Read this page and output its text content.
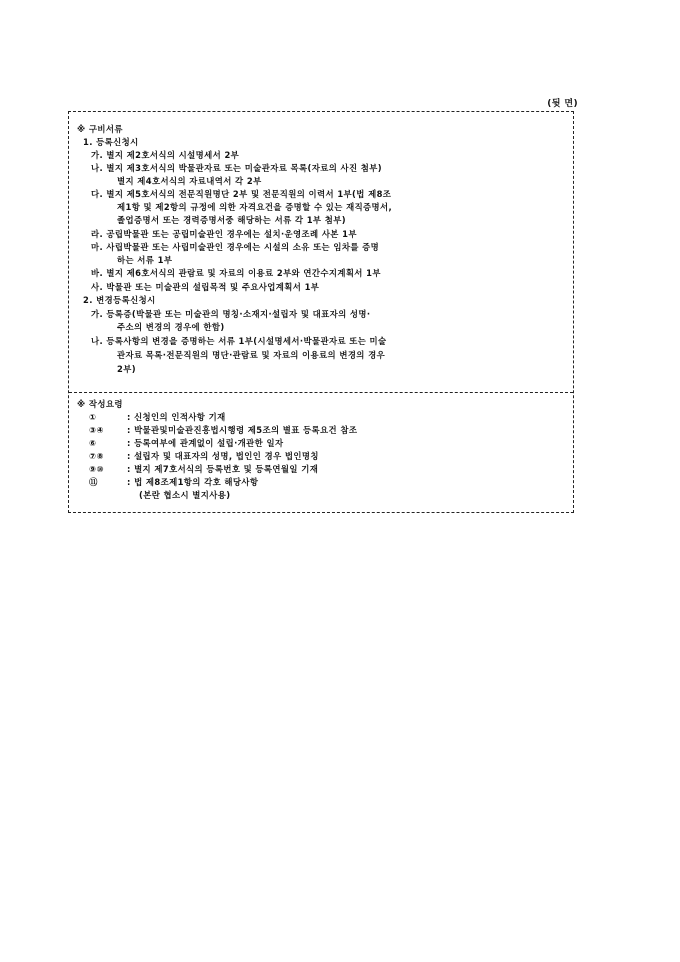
(뒷 면)
※ 구비서류
1. 등록신청시
가. 별지 제2호서식의 시설명세서 2부
나. 별지 제3호서식의 박물관자료 또는 미술관자료 목록(자료의 사진 첨부)
별지 제4호서식의 자료내역서 각 2부
다. 별지 제5호서식의 전문직원명단 2부 및 전문직원의 이력서 1부(법 제8조
제1항 및 제2항의 규정에 의한 자격요건을 증명할 수 있는 재직증명서,
졸업증명서 또는 경력증명서중 해당하는 서류 각 1부 첨부)
라. 공립박물관 또는 공립미술관인 경우에는 설치·운영조례 사본 1부
마. 사립박물관 또는 사립미술관인 경우에는 시설의 소유 또는 임차를 증명
하는 서류 1부
바. 별지 제6호서식의 관람료 및 자료의 이용료 2부와 연간수지계획서 1부
사. 박물관 또는 미술관의 설립목적 및 주요사업계획서 1부
2. 변경등록신청시
가. 등록증(박물관 또는 미술관의 명칭·소재지·설립자 및 대표자의 성명·
주소의 변경의 경우에 한함)
나. 등록사항의 변경을 증명하는 서류 1부(시설명세서·박물관자료 또는 미술
관자료 목록·전문직원의 명단·관람료 및 자료의 이용료의 변경의 경우
2부)
※ 작성요령
①	: 신청인의 인적사항 기재
③④	: 박물관및미술관진흥법시행령 제5조의 별표 등록요건 참조
⑥	: 등록여부에 관계없이 설립·개관한 일자
⑦⑧	: 설립자 및 대표자의 성명, 법인인 경우 법인명칭
⑨⑩	: 별지 제7호서식의 등록번호 및 등록연월일 기재
⑪	: 법 제8조제1항의 각호 해당사항
(본란 협소시 별지사용)
